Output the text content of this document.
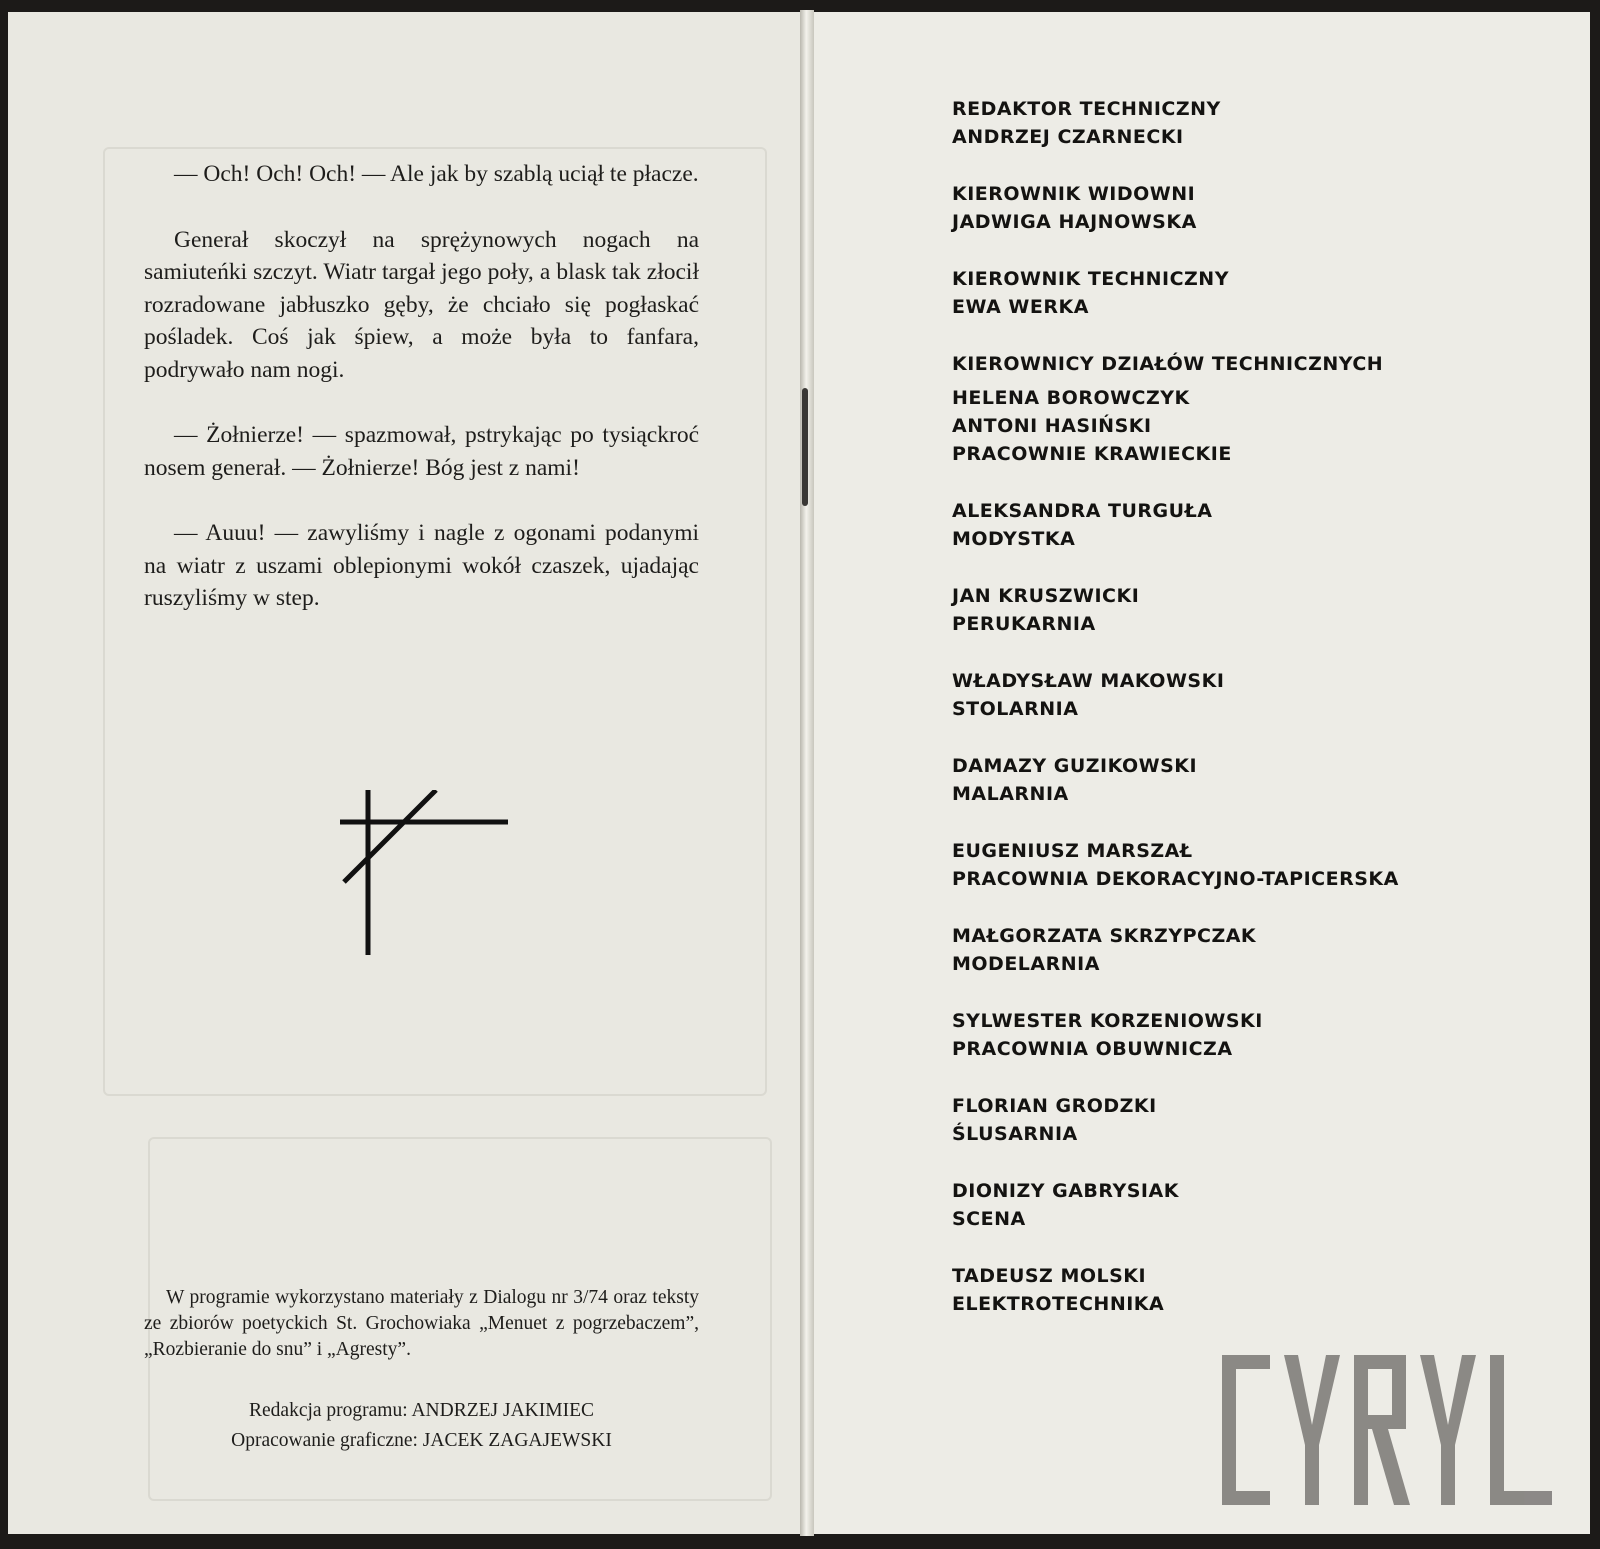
— Och! Och! Och! — Ale jak by szablą uciął te płacze.

Generał skoczył na sprężynowych nogach na samiuteńki szczyt. Wiatr targał jego poły, a blask tak złocił rozradowane jabłuszko gęby, że chciało się pogłaskać pośladek. Coś jak śpiew, a może była to fanfara, podrywało nam nogi.

— Żołnierze! — spazmował, pstrykając po tysiąckroć nosem generał. — Żołnierze! Bóg jest z nami!

— Auuu! — zawyliśmy i nagle z ogonami podanymi na wiatr z uszami oblepionymi wokół czaszek, ujadając ruszyliśmy w step.

W programie wykorzystano materiały z Dialogu nr 3/74 oraz teksty ze zbiorów poetyckich St. Grochowiaka „Menuet z pogrzebaczem”, „Rozbieranie do snu” i „Agresty”.

Redakcja programu: ANDRZEJ JAKIMIEC
Opracowanie graficzne: JACEK ZAGAJEWSKI
REDAKTOR TECHNICZNY
ANDRZEJ CZARNECKI
KIEROWNIK WIDOWNI
JADWIGA HAJNOWSKA
KIEROWNIK TECHNICZNY
EWA WERKA
KIEROWNICY DZIAŁÓW TECHNICZNYCH
HELENA BOROWCZYK
ANTONI HASIŃSKI
PRACOWNIE KRAWIECKIE
ALEKSANDRA TURGUŁA
MODYSTKA
JAN KRUSZWICKI
PERUKARNIA
WŁADYSŁAW MAKOWSKI
STOLARNIA
DAMAZY GUZIKOWSKI
MALARNIA
EUGENIUSZ MARSZAŁ
PRACOWNIA DEKORACYJNO-TAPICERSKA
MAŁGORZATA SKRZYPCZAK
MODELARNIA
SYLWESTER KORZENIOWSKI
PRACOWNIA OBUWNICZA
FLORIAN GRODZKI
ŚLUSARNIA
DIONIZY GABRYSIAK
SCENA
TADEUSZ MOLSKI
ELEKTROTECHNIKA
